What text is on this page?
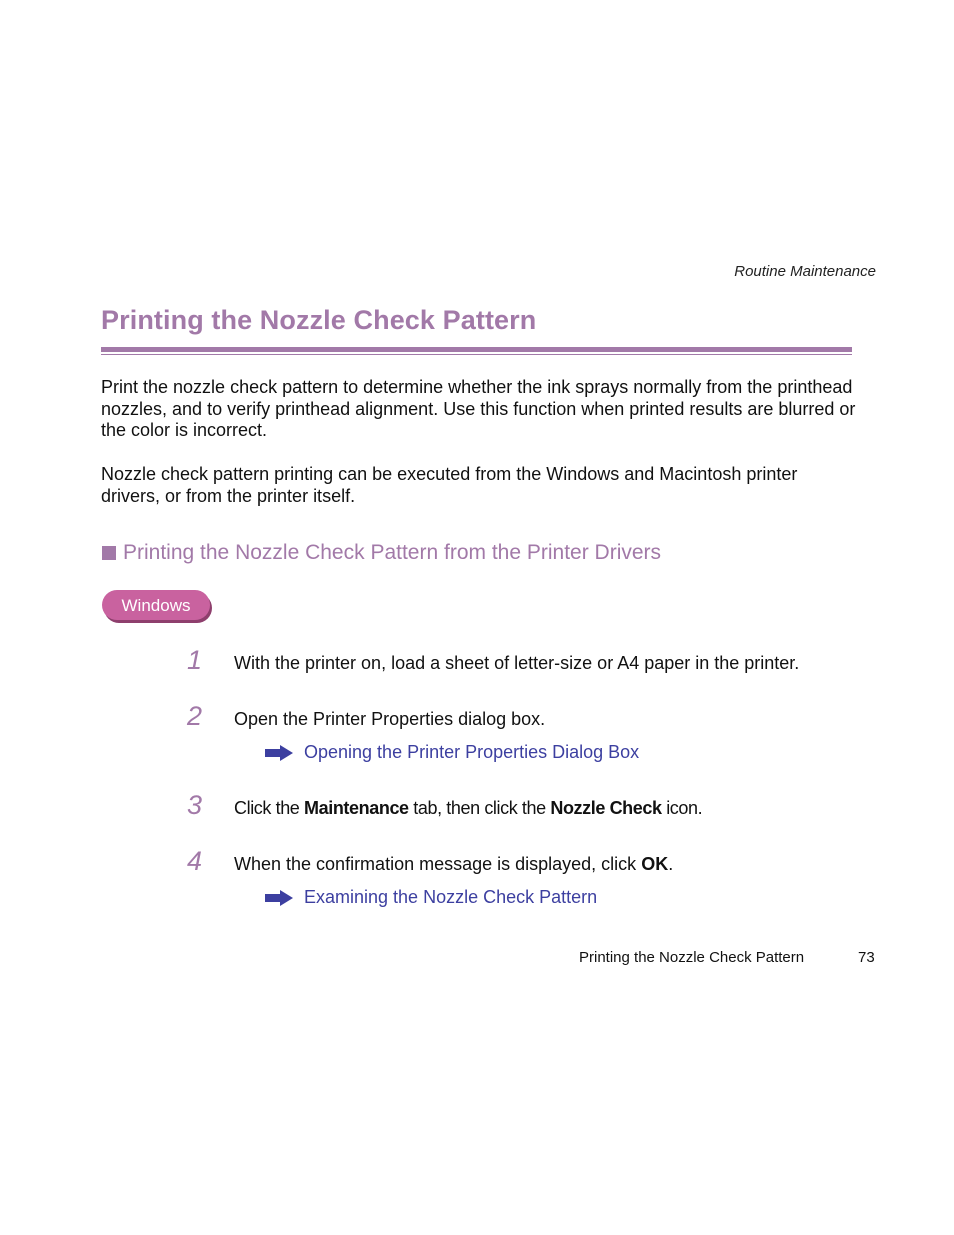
Routine Maintenance
Printing the Nozzle Check Pattern

Print the nozzle check pattern to determine whether the ink sprays normally from the printhead nozzles, and to verify printhead alignment. Use this function when printed results are blurred or the color is incorrect.

Nozzle check pattern printing can be executed from the Windows and Macintosh printer drivers, or from the printer itself.

Printing the Nozzle Check Pattern from the Printer Drivers
Windows
1	With the printer on, load a sheet of letter-size or A4 paper in the printer.
2	Open the Printer Properties dialog box.
Opening the Printer Properties Dialog Box
3	Click the Maintenance tab, then click the Nozzle Check icon.
4	When the confirmation message is displayed, click OK.
Examining the Nozzle Check Pattern
Printing the Nozzle Check Pattern	73
